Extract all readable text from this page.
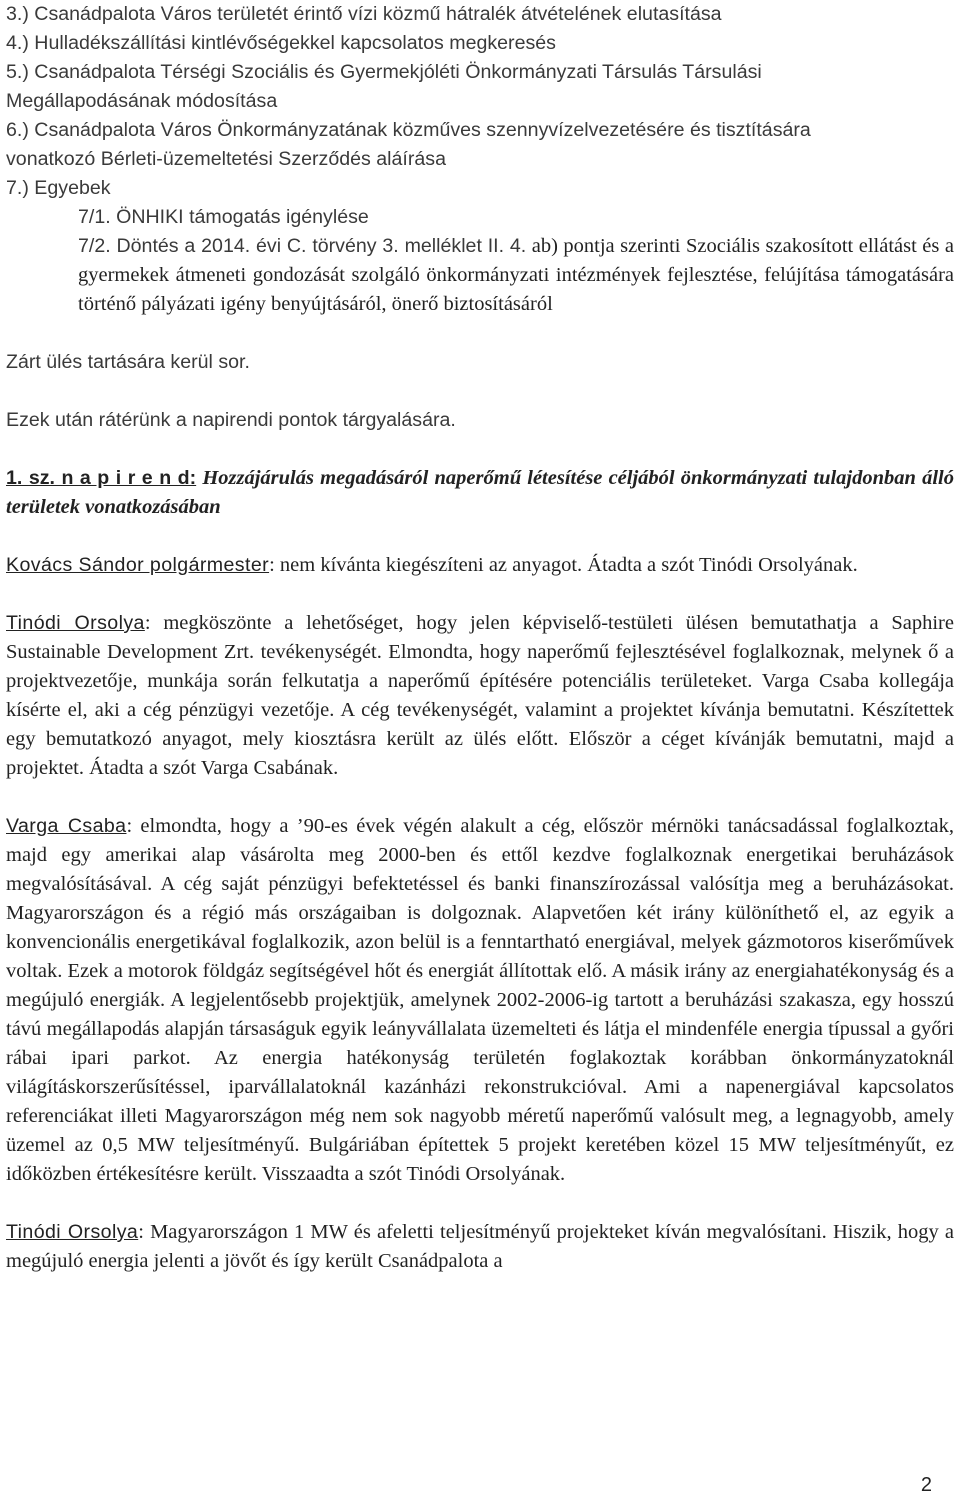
3.) Csanádpalota Város területét érintő vízi közmű hátralék átvételének elutasítása
4.) Hulladékszállítási kintlévőségekkel kapcsolatos megkeresés
5.) Csanádpalota Térségi Szociális és Gyermekjóléti Önkormányzati Társulás Társulási
Megállapodásának módosítása
6.) Csanádpalota Város Önkormányzatának közműves szennyvízelvezetésére és tisztítására
vonatkozó Bérleti-üzemeltetési Szerződés aláírása
7.) Egyebek
7/1. ÖNHIKI támogatás igénylése
7/2. Döntés a 2014. évi C. törvény 3. melléklet II. 4. ab) pontja szerinti Szociális szakosított ellátást és a gyermekek átmeneti gondozását szolgáló önkormányzati intézmények fejlesztése, felújítása támogatására történő pályázati igény benyújtásáról, önerő biztosításáról
Zárt ülés tartására kerül sor.
Ezek után rátérünk a napirendi pontok tárgyalására.

1. sz. n a p i r e n d: Hozzájárulás megadásáról naperőmű létesítése céljából önkormányzati tulajdonban álló területek vonatkozásában

Kovács Sándor polgármester: nem kívánta kiegészíteni az anyagot. Átadta a szót Tinódi Orsolyának.

Tinódi Orsolya: megköszönte a lehetőséget, hogy jelen képviselő-testületi ülésen bemutathatja a Saphire Sustainable Development Zrt. tevékenységét. Elmondta, hogy naperőmű fejlesztésével foglalkoznak, melynek ő a projektvezetője, munkája során felkutatja a naperőmű építésére potenciális területeket. Varga Csaba kollegája kísérte el, aki a cég pénzügyi vezetője. A cég tevékenységét, valamint a projektet kívánja bemutatni. Készítettek egy bemutatkozó anyagot, mely kiosztásra került az ülés előtt. Először a céget kívánják bemutatni, majd a projektet. Átadta a szót Varga Csabának.

Varga Csaba: elmondta, hogy a ’90-es évek végén alakult a cég, először mérnöki tanácsadással foglalkoztak, majd egy amerikai alap vásárolta meg 2000-ben és ettől kezdve foglalkoznak energetikai beruházások megvalósításával. A cég saját pénzügyi befektetéssel és banki finanszírozással valósítja meg a beruházásokat. Magyarországon és a régió más országaiban is dolgoznak. Alapvetően két irány különíthető el, az egyik a konvencionális energetikával foglalkozik, azon belül is a fenntartható energiával, melyek gázmotoros kiserőművek voltak. Ezek a motorok földgáz segítségével hőt és energiát állítottak elő. A másik irány az energiahatékonyság és a megújuló energiák. A legjelentősebb projektjük, amelynek 2002-2006-ig tartott a beruházási szakasza, egy hosszú távú megállapodás alapján társaságuk egyik leányvállalata üzemelteti és látja el mindenféle energia típussal a győri rábai ipari parkot. Az energia hatékonyság területén foglakoztak korábban önkormányzatoknál világításkorszerűsítéssel, iparvállalatoknál kazánházi rekonstrukcióval. Ami a napenergiával kapcsolatos referenciákat illeti Magyarországon még nem sok nagyobb méretű naperőmű valósult meg, a legnagyobb, amely üzemel az 0,5 MW teljesítményű. Bulgáriában építettek 5 projekt keretében közel 15 MW teljesítményűt, ez időközben értékesítésre került. Visszaadta a szót Tinódi Orsolyának.

Tinódi Orsolya: Magyarországon 1 MW és afeletti teljesítményű projekteket kíván megvalósítani. Hiszik, hogy a megújuló energia jelenti a jövőt és így került Csanádpalota a

2
